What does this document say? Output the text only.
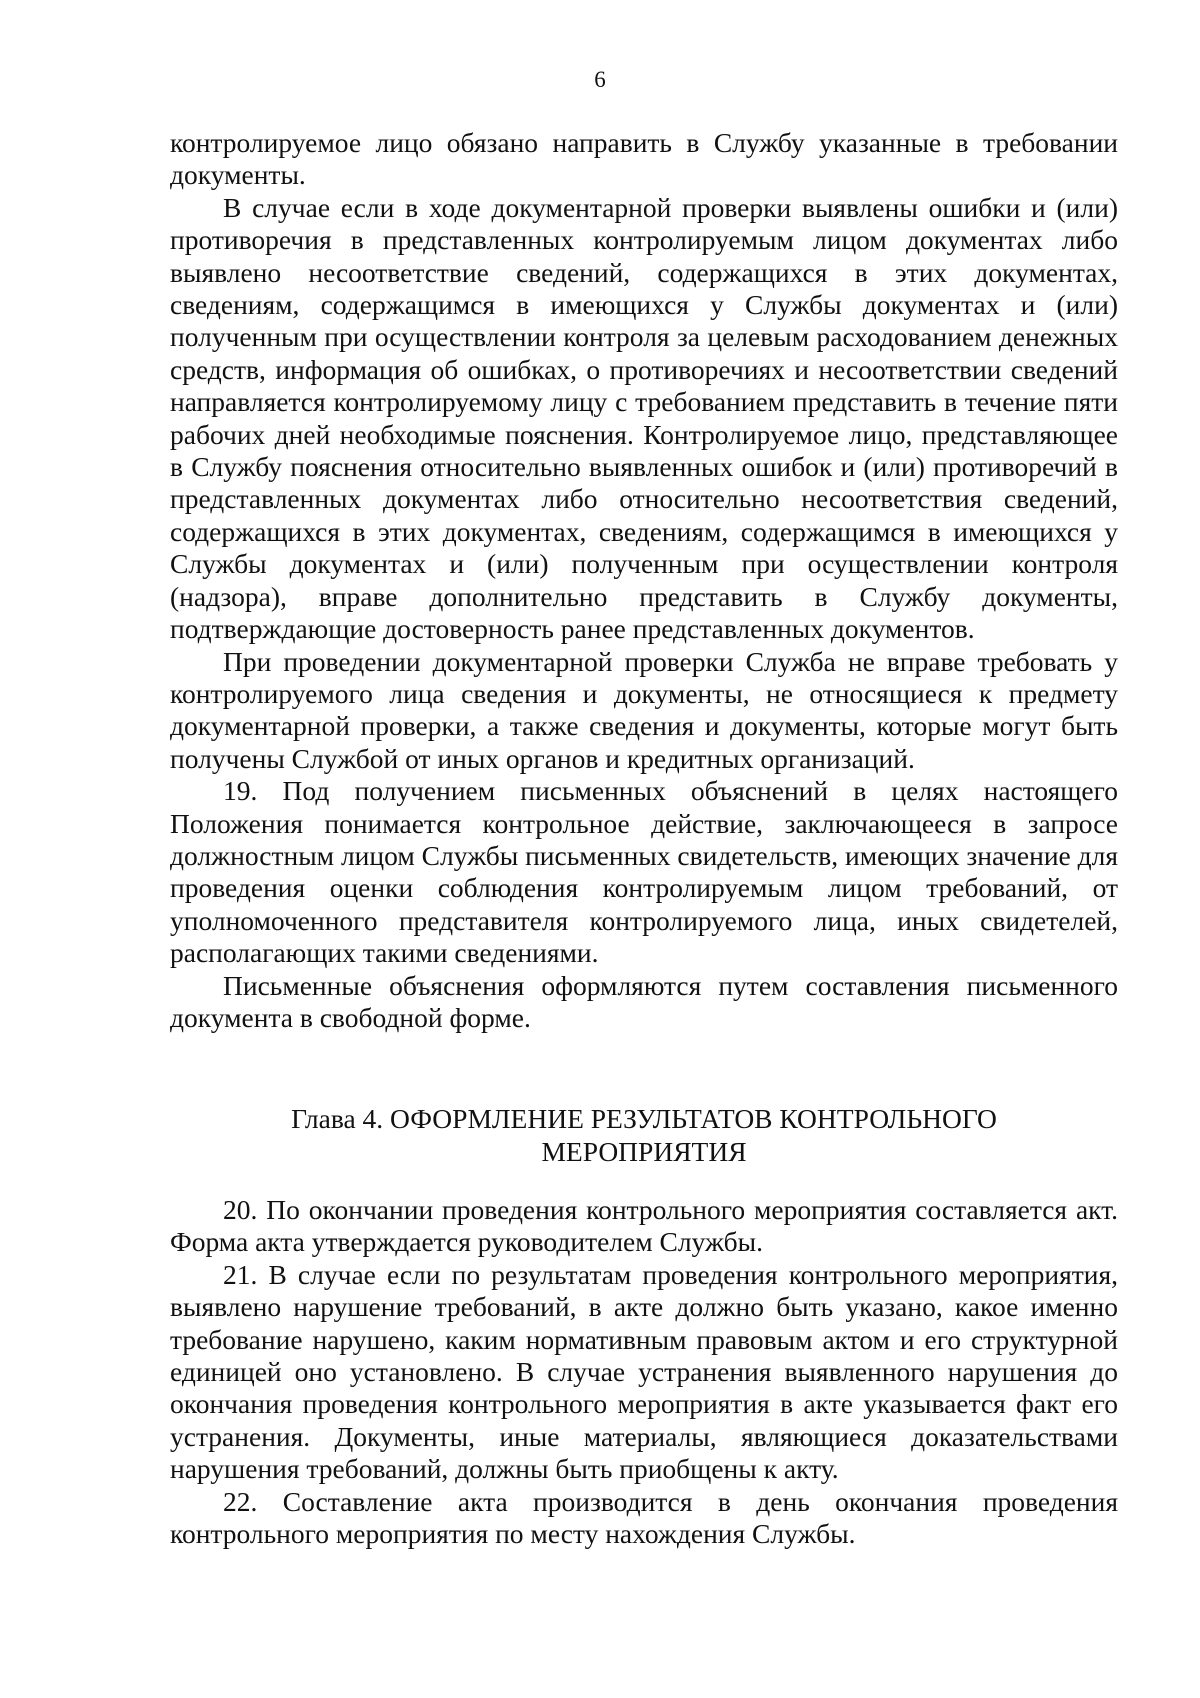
6

контролируемое лицо обязано направить в Службу указанные в требовании документы.

В случае если в ходе документарной проверки выявлены ошибки и (или) противоречия в представленных контролируемым лицом документах либо выявлено несоответствие сведений, содержащихся в этих документах, сведениям, содержащимся в имеющихся у Службы документах и (или) полученным при осуществлении контроля за целевым расходованием денежных средств, информация об ошибках, о противоречиях и несоответствии сведений направляется контролируемому лицу с требованием представить в течение пяти рабочих дней необходимые пояснения. Контролируемое лицо, представляющее в Службу пояснения относительно выявленных ошибок и (или) противоречий в представленных документах либо относительно несоответствия сведений, содержащихся в этих документах, сведениям, содержащимся в имеющихся у Службы документах и (или) полученным при осуществлении контроля (надзора), вправе дополнительно представить в Службу документы, подтверждающие достоверность ранее представленных документов.

При проведении документарной проверки Служба не вправе требовать у контролируемого лица сведения и документы, не относящиеся к предмету документарной проверки, а также сведения и документы, которые могут быть получены Службой от иных органов и кредитных организаций.

19. Под получением письменных объяснений в целях настоящего Положения понимается контрольное действие, заключающееся в запросе должностным лицом Службы письменных свидетельств, имеющих значение для проведения оценки соблюдения контролируемым лицом требований, от уполномоченного представителя контролируемого лица, иных свидетелей, располагающих такими сведениями.

Письменные объяснения оформляются путем составления письменного документа в свободной форме.

Глава 4. ОФОРМЛЕНИЕ РЕЗУЛЬТАТОВ КОНТРОЛЬНОГО
МЕРОПРИЯТИЯ

20. По окончании проведения контрольного мероприятия составляется акт. Форма акта утверждается руководителем Службы.

21. В случае если по результатам проведения контрольного мероприятия, выявлено нарушение требований, в акте должно быть указано, какое именно требование нарушено, каким нормативным правовым актом и его структурной единицей оно установлено. В случае устранения выявленного нарушения до окончания проведения контрольного мероприятия в акте указывается факт его устранения. Документы, иные материалы, являющиеся доказательствами нарушения требований, должны быть приобщены к акту.

22. Составление акта производится в день окончания проведения контрольного мероприятия по месту нахождения Службы.
